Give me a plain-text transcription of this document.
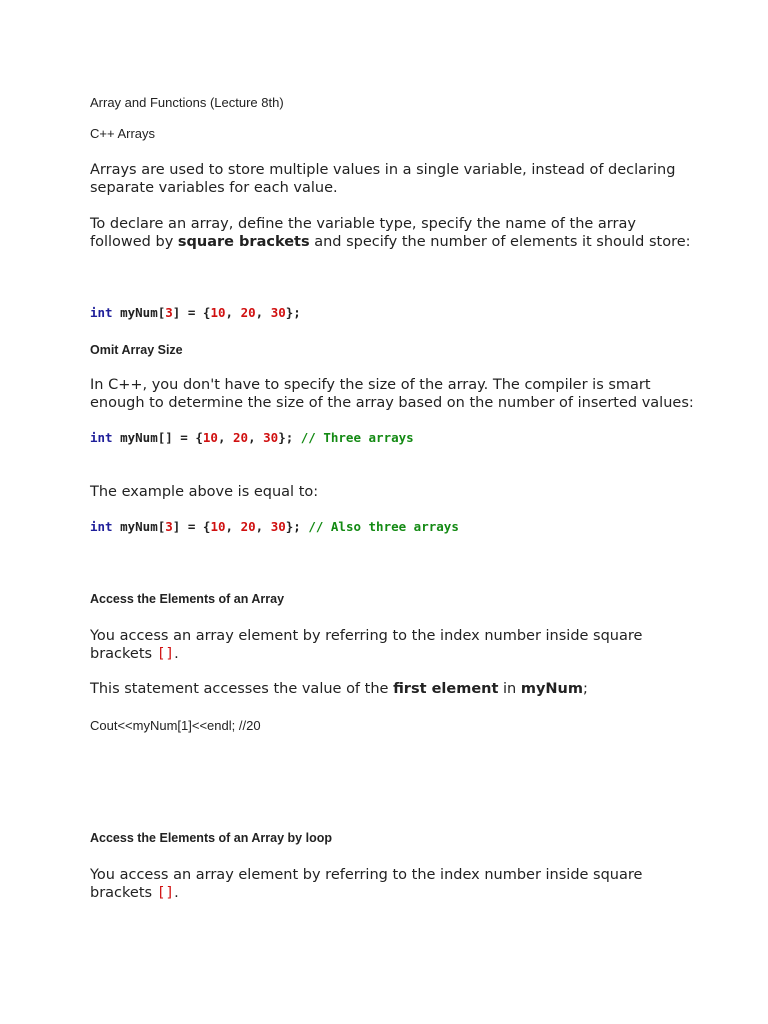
Array and Functions (Lecture 8th)
C++ Arrays
Arrays are used to store multiple values in a single variable, instead of declaring
separate variables for each value.
To declare an array, define the variable type, specify the name of the array
followed by square brackets and specify the number of elements it should store:
int myNum[3] = {10, 20, 30};
Omit Array Size
In C++, you don't have to specify the size of the array. The compiler is smart
enough to determine the size of the array based on the number of inserted values:
int myNum[] = {10, 20, 30}; // Three arrays
The example above is equal to:
int myNum[3] = {10, 20, 30}; // Also three arrays
Access the Elements of an Array
You access an array element by referring to the index number inside square
brackets [].
This statement accesses the value of the first element in myNum;
Cout<<myNum[1]<<endl; //20
Access the Elements of an Array by loop
You access an array element by referring to the index number inside square
brackets [].
